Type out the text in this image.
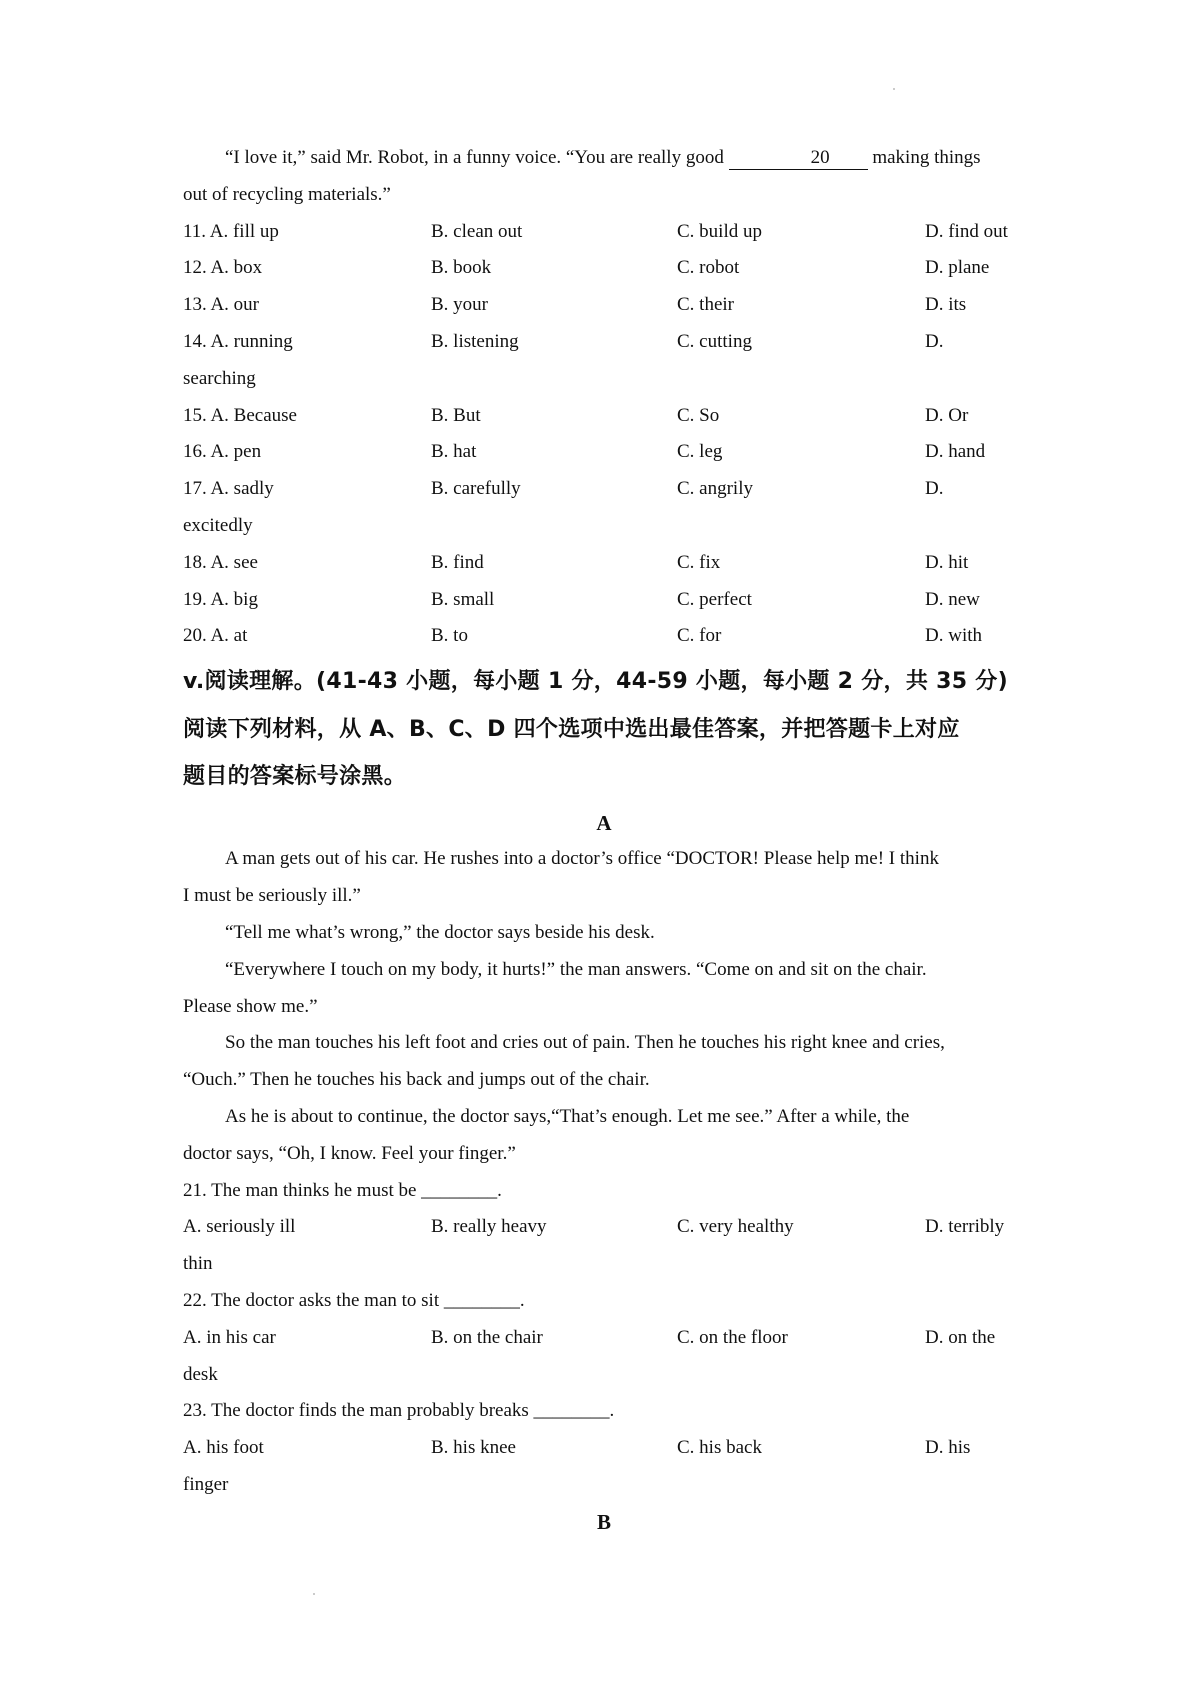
“I love it,” said Mr. Robot, in a funny voice. “You are really good	20 making things
out of recycling materials.”
11. A. fill up	B. clean out	C. build up	D. find out
12. A. box	B. book	C. robot	D. plane
13. A. our	B. your	C. their	D. its
14. A. running	B. listening	C. cutting	D.
searching
15. A. Because	B. But	C. So	D. Or
16. A. pen	B. hat	C. leg	D. hand
17. A. sadly	B. carefully	C. angrily	D.
excitedly
18. A. see	B. find	C. fix	D. hit
19. A. big	B. small	C. perfect	D. new
20. A. at	B. to	C. for	D. with
v.阅读理解。(41-43 小题，每小题 1 分，44-59 小题，每小题 2 分，共 35 分)
阅读下列材料，从 A、B、C、D 四个选项中选出最佳答案，并把答题卡上对应
题目的答案标号涂黑。
A
A man gets out of his car. He rushes into a doctor’s office “DOCTOR! Please help me! I think
I must be seriously ill.”
“Tell me what’s wrong,” the doctor says beside his desk.
“Everywhere I touch on my body, it hurts!” the man answers. “Come on and sit on the chair.
Please show me.”
So the man touches his left foot and cries out of pain. Then he touches his right knee and cries,
“Ouch.” Then he touches his back and jumps out of the chair.
As he is about to continue, the doctor says,“That’s enough. Let me see.” After a while, the
doctor says, “Oh, I know. Feel your finger.”
21. The man thinks he must be ________.
A. seriously ill	B. really heavy	C. very healthy	D. terribly
thin
22. The doctor asks the man to sit ________.
A. in his car	B. on the chair	C. on the floor	D. on the
desk
23. The doctor finds the man probably breaks ________.
A. his foot	B. his knee	C. his back	D. his
finger
B
